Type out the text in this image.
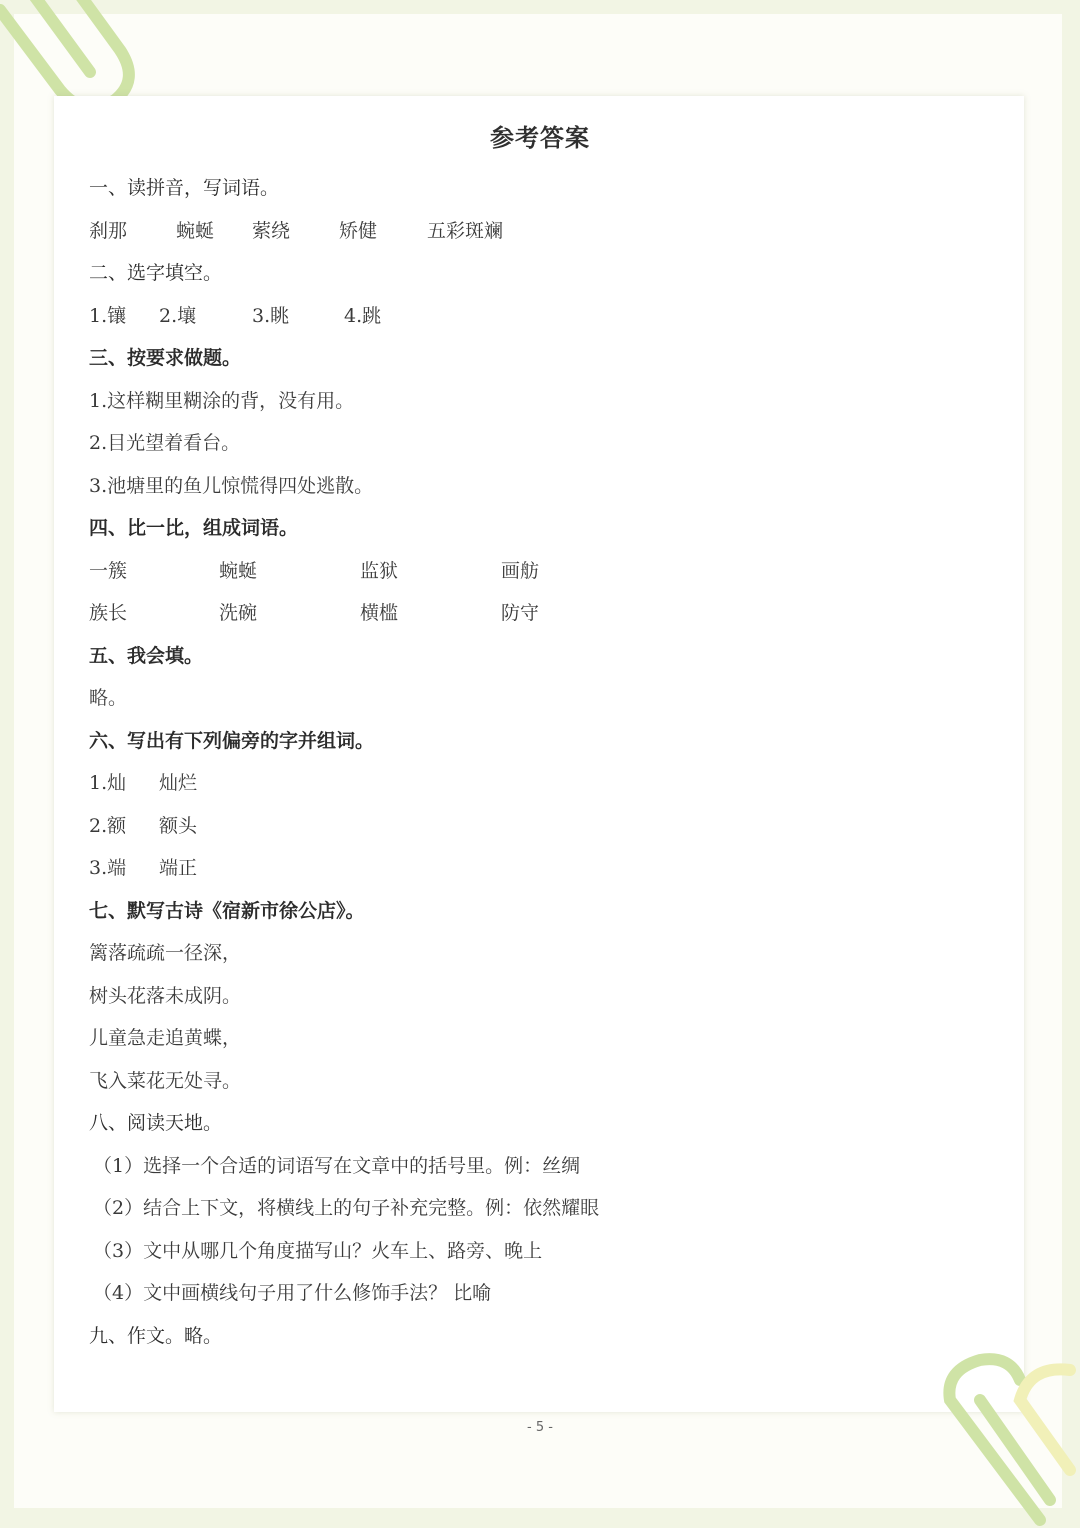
参考答案
一、读拼音，写词语。
刹那	蜿蜒 萦绕	矫健	五彩斑斓
二、选字填空。
1.镶 2.壤	3.眺	4.跳
三、按要求做题。
1.这样糊里糊涂的背，没有用。
2.目光望着看台。
3.池塘里的鱼儿惊慌得四处逃散。
四、比一比，组成词语。
一簇	蜿蜒	监狱	画舫
族长	洗碗	横槛	防守
五、我会填。
略。
六、写出有下列偏旁的字并组词。
1.灿 灿烂
2.额 额头
3.端 端正
七、默写古诗《宿新市徐公店》。
篱落疏疏一径深，
树头花落未成阴。
儿童急走追黄蝶，
飞入菜花无处寻。
八、阅读天地。
（1）选择一个合适的词语写在文章中的括号里。例：丝绸
（2）结合上下文，将横线上的句子补充完整。例：依然耀眼
（3）文中从哪几个角度描写山？火车上、路旁、晚上
（4）文中画横线句子用了什么修饰手法？ 比喻
九、作文。略。
- 5 -
